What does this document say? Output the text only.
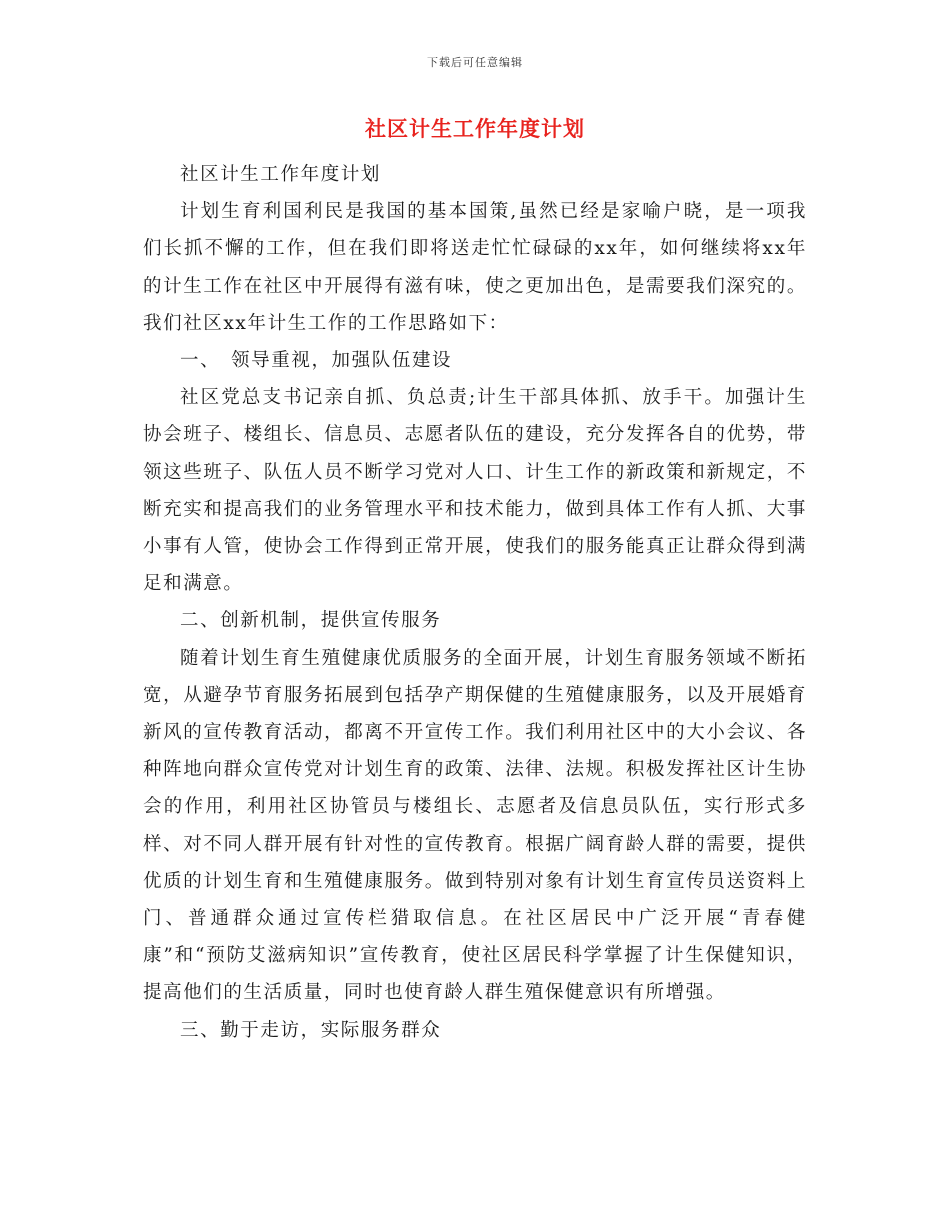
下载后可任意编辑
社区计生工作年度计划

社区计生工作年度计划

计划生育利国利民是我国的基本国策,虽然已经是家喻户晓，是一项我们长抓不懈的工作，但在我们即将送走忙忙碌碌的xx年，如何继续将xx年的计生工作在社区中开展得有滋有味，使之更加出色，是需要我们深究的。我们社区xx年计生工作的工作思路如下：

一、　领导重视，加强队伍建设

社区党总支书记亲自抓、负总责;计生干部具体抓、放手干。加强计生协会班子、楼组长、信息员、志愿者队伍的建设，充分发挥各自的优势，带领这些班子、队伍人员不断学习党对人口、计生工作的新政策和新规定，不断充实和提高我们的业务管理水平和技术能力，做到具体工作有人抓、大事小事有人管，使协会工作得到正常开展，使我们的服务能真正让群众得到满足和满意。

二、创新机制，提供宣传服务

随着计划生育生殖健康优质服务的全面开展，计划生育服务领域不断拓宽，从避孕节育服务拓展到包括孕产期保健的生殖健康服务，以及开展婚育新风的宣传教育活动，都离不开宣传工作。我们利用社区中的大小会议、各种阵地向群众宣传党对计划生育的政策、法律、法规。积极发挥社区计生协会的作用，利用社区协管员与楼组长、志愿者及信息员队伍，实行形式多样、对不同人群开展有针对性的宣传教育。根据广阔育龄人群的需要，提供优质的计划生育和生殖健康服务。做到特别对象有计划生育宣传员送资料上门、普通群众通过宣传栏猎取信息。在社区居民中广泛开展“青春健康”和“预防艾滋病知识”宣传教育，使社区居民科学掌握了计生保健知识，提高他们的生活质量，同时也使育龄人群生殖保健意识有所增强。

三、勤于走访，实际服务群众
